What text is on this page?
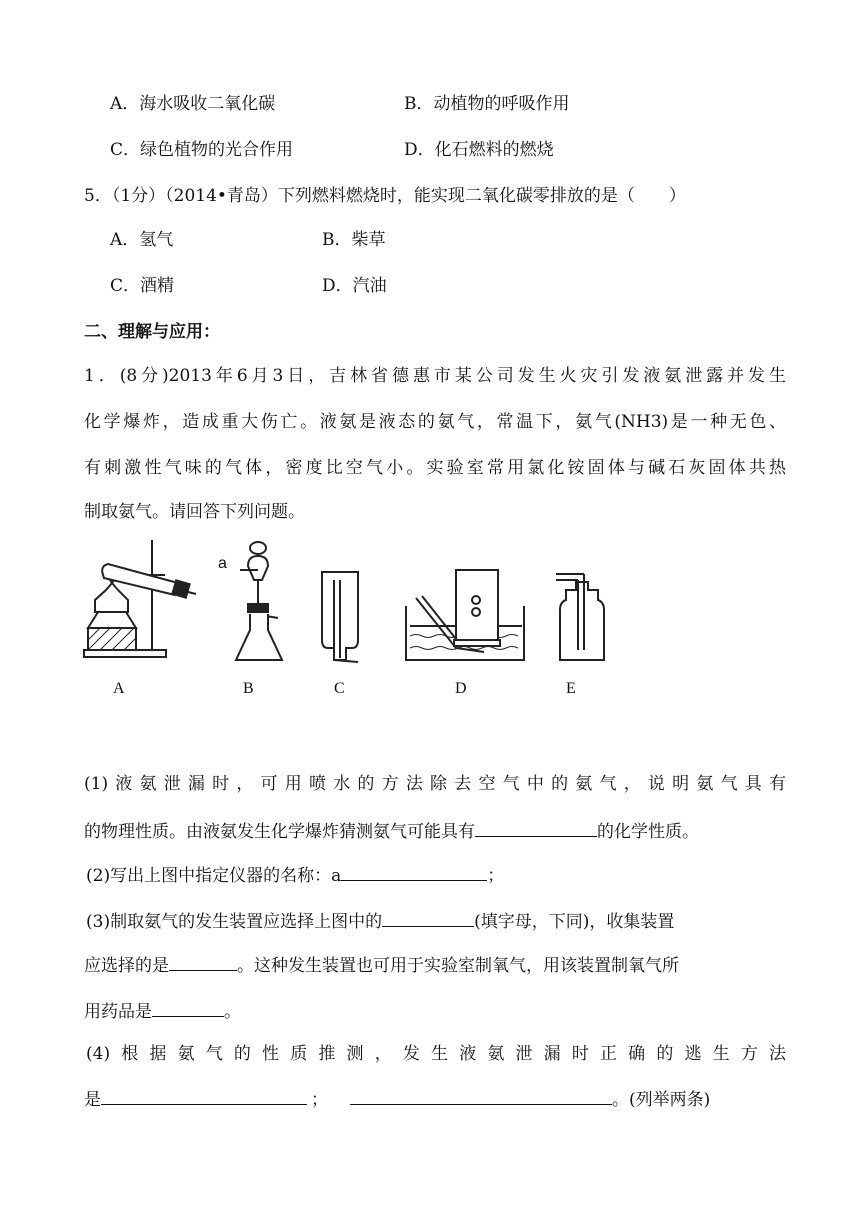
A．海水吸收二氧化碳	B．动植物的呼吸作用
C．绿色植物的光合作用	D．化石燃料的燃烧
5．（1分）（2014•青岛）下列燃料燃烧时，能实现二氧化碳零排放的是（　　）
A．氢气	B．柴草
C．酒精	D．汽油
二、理解与应用：
1．(8分)2013年6月3日，吉林省德惠市某公司发生火灾引发液氨泄露并发生
化学爆炸，造成重大伤亡。液氨是液态的氨气，常温下，氨气(NH3)是一种无色、
有刺激性气味的气体，密度比空气小。实验室常用氯化铵固体与碱石灰固体共热
制取氨气。请回答下列问题。
a
A	B	C	D	E
(1)液氨泄漏时，可用喷水的方法除去空气中的氨气，说明氨气具有
的物理性质。由液氨发生化学爆炸猜测氨气可能具有	的化学性质。
(2)写出上图中指定仪器的名称：a	；
(3)制取氨气的发生装置应选择上图中的	(填字母，下同)，收集装置
应选择的是	。这种发生装置也可用于实验室制氧气，用该装置制氧气所
用药品是	。
(4)根据氨气的性质推测，发生液氨泄漏时正确的逃生方法
是	；	。(列举两条)
